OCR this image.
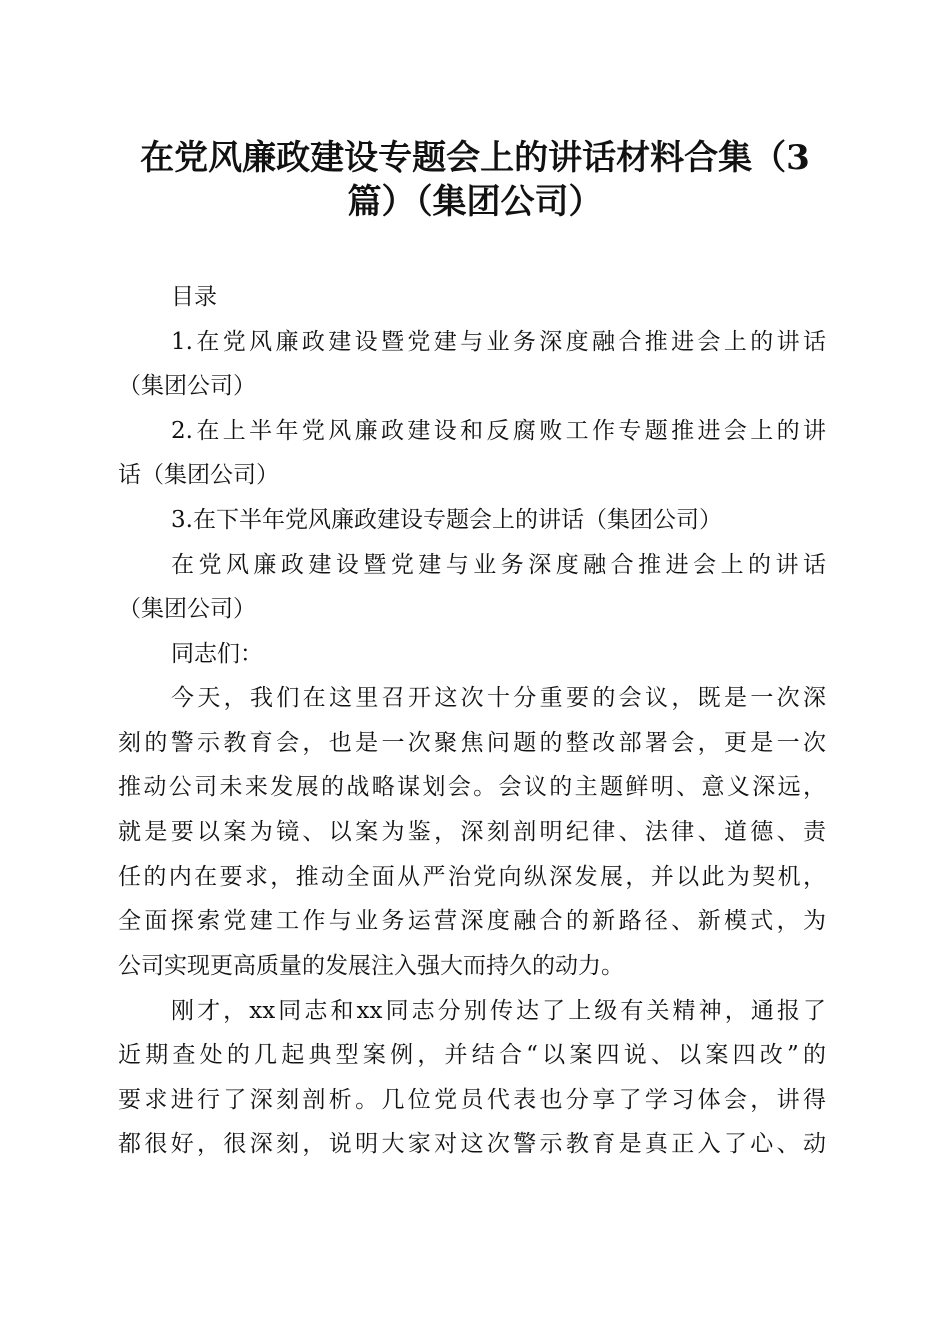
在党风廉政建设专题会上的讲话材料合集（3
篇）（集团公司）

目录

1.在党风廉政建设暨党建与业务深度融合推进会上的讲话

（集团公司）

2.在上半年党风廉政建设和反腐败工作专题推进会上的讲

话（集团公司）

3.在下半年党风廉政建设专题会上的讲话（集团公司）

在党风廉政建设暨党建与业务深度融合推进会上的讲话

（集团公司）

同志们：

今天，我们在这里召开这次十分重要的会议，既是一次深

刻的警示教育会，也是一次聚焦问题的整改部署会，更是一次

推动公司未来发展的战略谋划会。会议的主题鲜明、意义深远，

就是要以案为镜、以案为鉴，深刻剖明纪律、法律、道德、责

任的内在要求，推动全面从严治党向纵深发展，并以此为契机，

全面探索党建工作与业务运营深度融合的新路径、新模式，为

公司实现更高质量的发展注入强大而持久的动力。

刚才，xx同志和xx同志分别传达了上级有关精神，通报了

近期查处的几起典型案例，并结合“以案四说、以案四改”的

要求进行了深刻剖析。几位党员代表也分享了学习体会，讲得

都很好，很深刻，说明大家对这次警示教育是真正入了心、动
